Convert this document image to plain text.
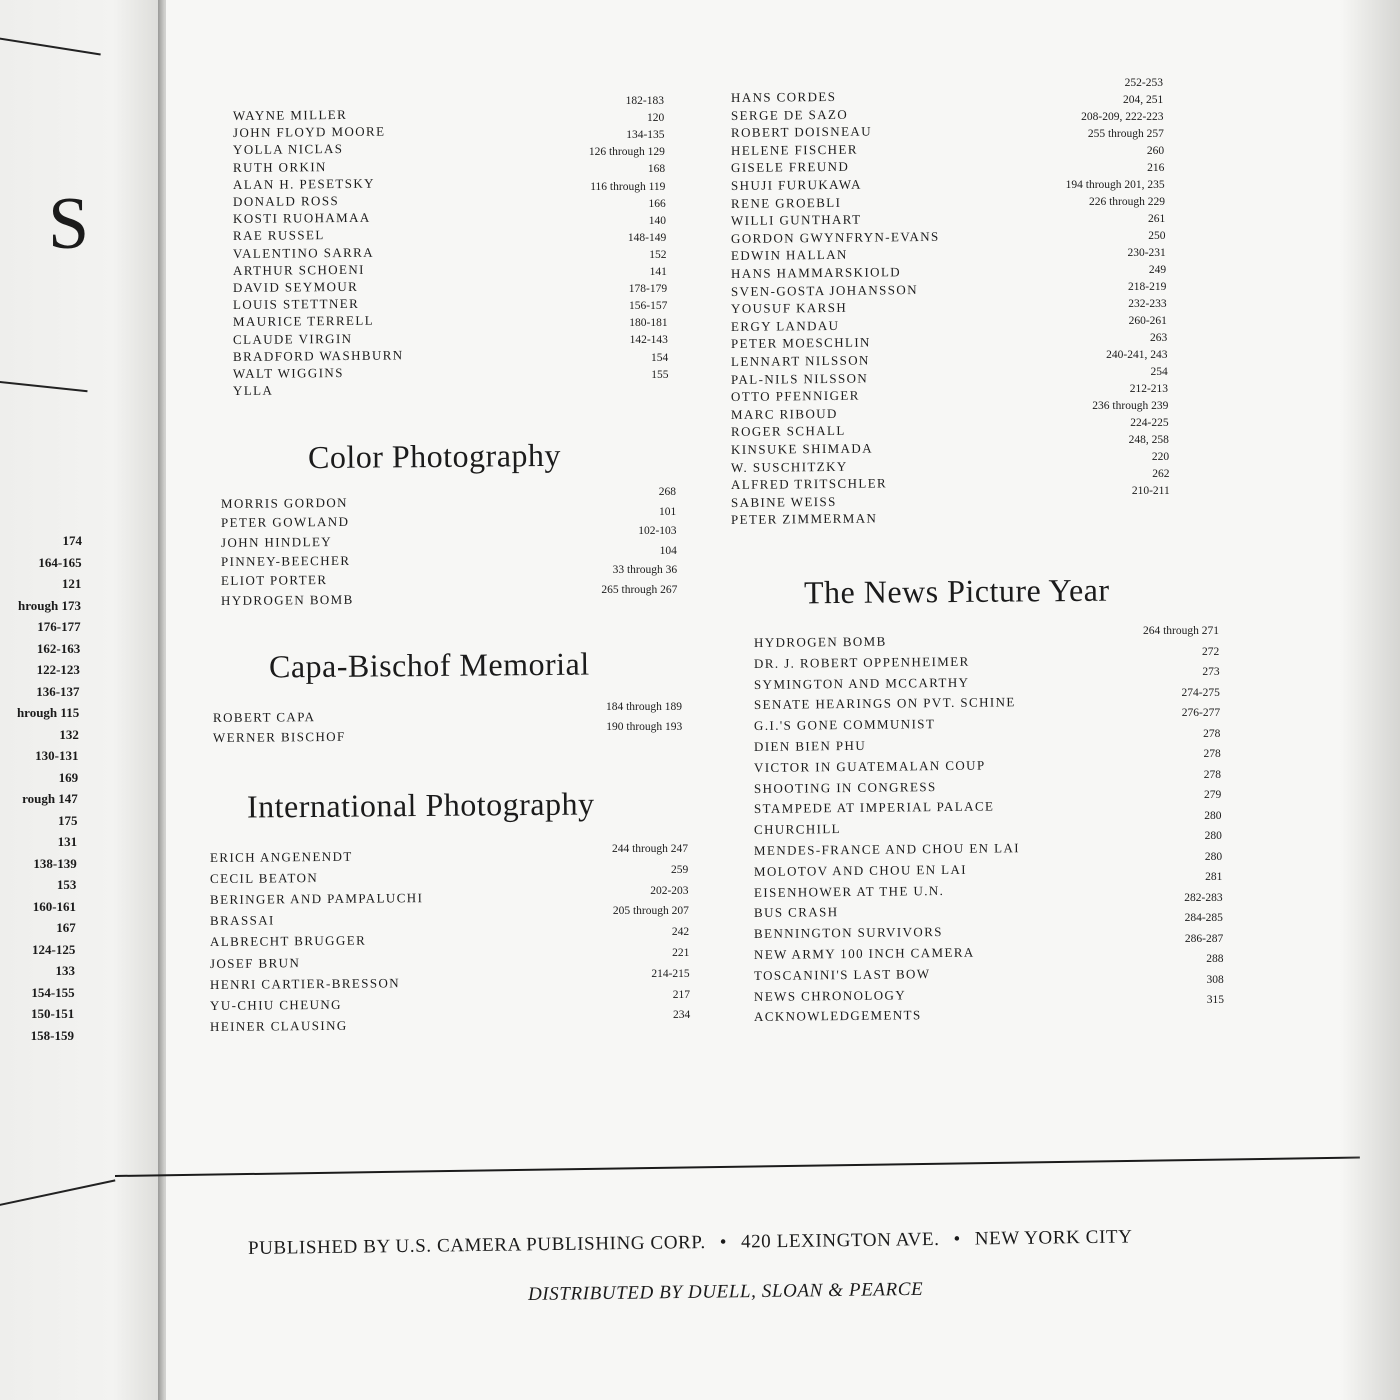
S
174
164-165
121
hrough 173
176-177
162-163
122-123
136-137
hrough 115
132
130-131
169
rough 147
175
131
138-139
153
160-161
167
124-125
133
154-155
150-151
158-159
Color Photography
Capa-Bischof Memorial
International Photography
The News Picture Year
WAYNE MILLER
JOHN FLOYD MOORE
YOLLA NICLAS
RUTH ORKIN
ALAN H. PESETSKY
DONALD ROSS
KOSTI RUOHAMAA
RAE RUSSEL
VALENTINO SARRA
ARTHUR SCHOENI
DAVID SEYMOUR
LOUIS STETTNER
MAURICE TERRELL
CLAUDE VIRGIN
BRADFORD WASHBURN
WALT WIGGINS
YLLA
182-183
120
134-135
126 through 129
168
116 through 119
166
140
148-149
152
141
178-179
156-157
180-181
142-143
154
155
MORRIS GORDON
PETER GOWLAND
JOHN HINDLEY
PINNEY-BEECHER
ELIOT PORTER
HYDROGEN BOMB
268
101
102-103
104
33 through 36
265 through 267
ROBERT CAPA
WERNER BISCHOF
184 through 189
190 through 193
ERICH ANGENENDT
CECIL BEATON
BERINGER AND PAMPALUCHI
BRASSAI
ALBRECHT BRUGGER
JOSEF BRUN
HENRI CARTIER-BRESSON
YU-CHIU CHEUNG
HEINER CLAUSING
244 through 247
259
202-203
205 through 207
242
221
214-215
217
234
HANS CORDES
SERGE DE SAZO
ROBERT DOISNEAU
HELENE FISCHER
GISELE FREUND
SHUJI FURUKAWA
RENE GROEBLI
WILLI GUNTHART
GORDON GWYNFRYN-EVANS
EDWIN HALLAN
HANS HAMMARSKIOLD
SVEN-GOSTA JOHANSSON
YOUSUF KARSH
ERGY LANDAU
PETER MOESCHLIN
LENNART NILSSON
PAL-NILS NILSSON
OTTO PFENNIGER
MARC RIBOUD
ROGER SCHALL
KINSUKE SHIMADA
W. SUSCHITZKY
ALFRED TRITSCHLER
SABINE WEISS
PETER ZIMMERMAN
252-253
204, 251
208-209, 222-223
255 through 257
260
216
194 through 201, 235
226 through 229
261
250
230-231
249
218-219
232-233
260-261
263
240-241, 243
254
212-213
236 through 239
224-225
248, 258
220
262
210-211
HYDROGEN BOMB
DR. J. ROBERT OPPENHEIMER
SYMINGTON AND MCCARTHY
SENATE HEARINGS ON PVT. SCHINE
G.I.'S GONE COMMUNIST
DIEN BIEN PHU
VICTOR IN GUATEMALAN COUP
SHOOTING IN CONGRESS
STAMPEDE AT IMPERIAL PALACE
CHURCHILL
MENDES-FRANCE AND CHOU EN LAI
MOLOTOV AND CHOU EN LAI
EISENHOWER AT THE U.N.
BUS CRASH
BENNINGTON SURVIVORS
NEW ARMY 100 INCH CAMERA
TOSCANINI'S LAST BOW
NEWS CHRONOLOGY
ACKNOWLEDGEMENTS
264 through 271
272
273
274-275
276-277
278
278
278
279
280
280
280
281
282-283
284-285
286-287
288
308
315
PUBLISHED BY U.S. CAMERA PUBLISHING CORP. • 420 LEXINGTON AVE. • NEW YORK CITY
DISTRIBUTED BY DUELL, SLOAN & PEARCE
